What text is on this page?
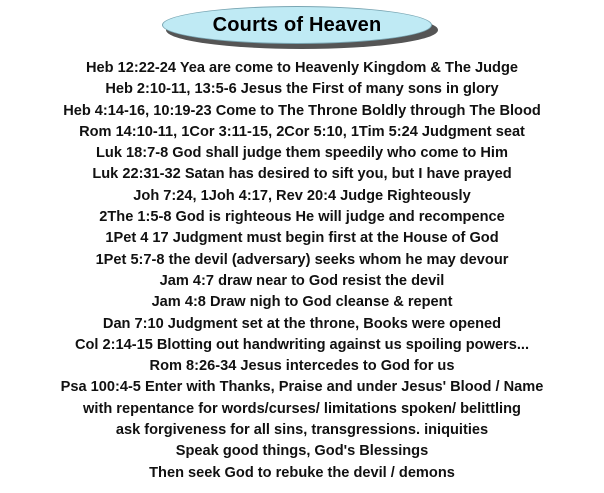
Courts of Heaven
Heb 12:22-24 Yea are come to Heavenly Kingdom & The Judge
Heb 2:10-11, 13:5-6 Jesus the First of many sons in glory
Heb 4:14-16, 10:19-23 Come to The Throne Boldly through The Blood
Rom 14:10-11, 1Cor 3:11-15, 2Cor 5:10, 1Tim 5:24 Judgment seat
Luk 18:7-8 God shall judge them speedily who come to Him
Luk 22:31-32 Satan has desired to sift you, but I have prayed
Joh 7:24, 1Joh 4:17, Rev 20:4 Judge Righteously
2The 1:5-8 God is righteous He will judge and recompence
1Pet 4 17 Judgment must begin first at the House of God
1Pet 5:7-8 the devil (adversary) seeks whom he may devour
Jam 4:7 draw near to God resist the devil
Jam 4:8 Draw nigh to God cleanse & repent
Dan 7:10 Judgment set at the throne, Books were opened
Col 2:14-15 Blotting out handwriting against us spoiling powers...
Rom 8:26-34 Jesus intercedes to God for us
Psa 100:4-5 Enter with Thanks, Praise and under Jesus' Blood / Name
with repentance for words/curses/ limitations spoken/ belittling
ask forgiveness for all sins, transgressions. iniquities
Speak good things, God's Blessings
Then seek God to rebuke the devil / demons
